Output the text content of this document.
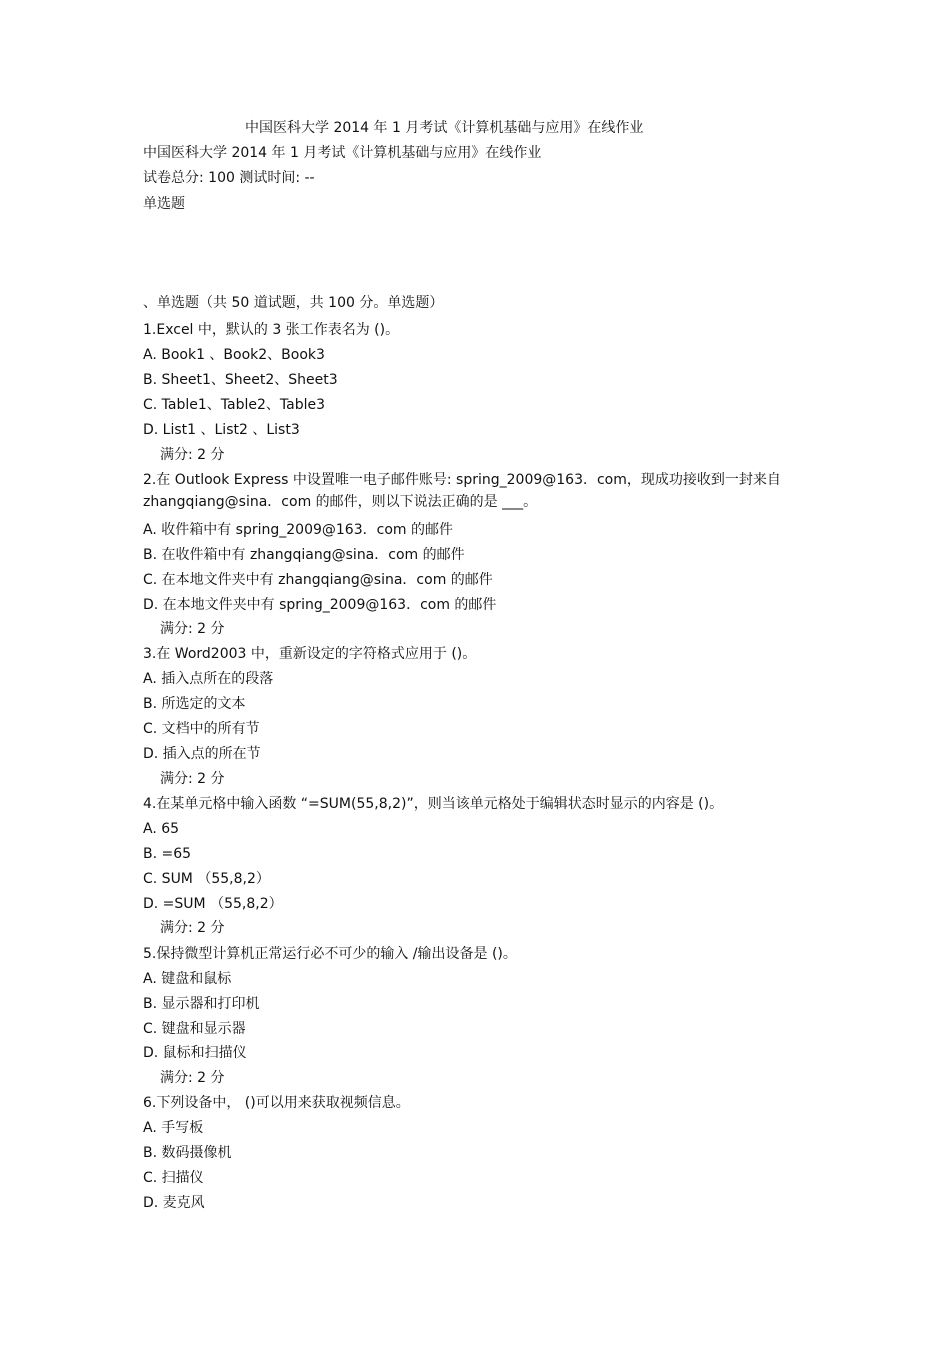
中国医科大学 2014 年 1 月考试《计算机基础与应用》在线作业
中国医科大学 2014 年 1 月考试《计算机基础与应用》在线作业
试卷总分: 100 测试时间: --
单选题
、单选题（共 50 道试题，共 100 分。单选题）
1.Excel 中，默认的 3 张工作表名为 ()。
A. Book1 、Book2、Book3
B. Sheet1、Sheet2、Sheet3
C. Table1、Table2、Table3
D. List1 、List2 、List3
满分: 2 分
2.在 Outlook Express 中设置唯一电子邮件账号: spring_2009@163．com，现成功接收到一封来自 zhangqiang@sina．com 的邮件，则以下说法正确的是 ___。
A. 收件箱中有 spring_2009@163．com 的邮件
B. 在收件箱中有 zhangqiang@sina．com 的邮件
C. 在本地文件夹中有 zhangqiang@sina．com 的邮件
D. 在本地文件夹中有 spring_2009@163．com 的邮件
满分: 2 分
3.在 Word2003 中，重新设定的字符格式应用于 ()。
A. 插入点所在的段落
B. 所选定的文本
C. 文档中的所有节
D. 插入点的所在节
满分: 2 分
4.在某单元格中输入函数 “=SUM(55,8,2)”，则当该单元格处于编辑状态时显示的内容是 ()。
A. 65
B. =65
C. SUM （55,8,2）
D. =SUM （55,8,2）
满分: 2 分
5.保持微型计算机正常运行必不可少的输入 /输出设备是 ()。
A. 键盘和鼠标
B. 显示器和打印机
C. 键盘和显示器
D. 鼠标和扫描仪
满分: 2 分
6.下列设备中， ()可以用来获取视频信息。
A. 手写板
B. 数码摄像机
C. 扫描仪
D. 麦克风
